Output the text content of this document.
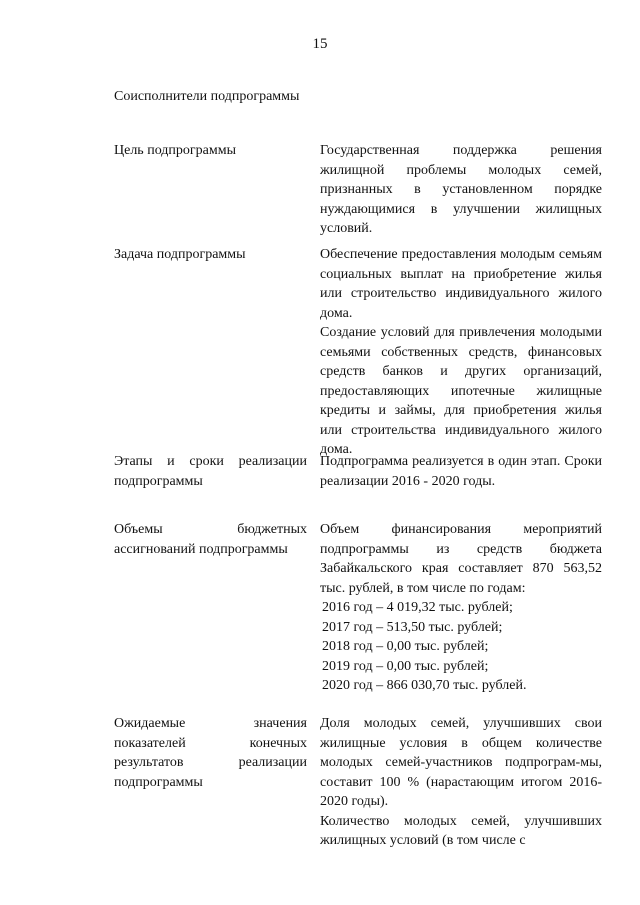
15
Соисполнители подпрограммы
Цель подпрограммы	Государственная поддержка решения жилищной проблемы молодых семей, признанных в установленном порядке нуждающимися в улучшении жилищных условий.

Задача подпрограммы	Обеспечение предоставления молодым семьям социальных выплат на приобретение жилья или строительство индивидуального жилого дома.

Создание условий для привлечения молодыми семьями собственных средств, финансовых средств банков и других организаций, предоставляющих ипотечные жилищные кредиты и займы, для приобретения жилья или строительства индивидуального жилого дома.

Этапы и сроки реализации подпрограммы

Подпрограмма реализуется в один этап. Сроки реализации 2016 - 2020 годы.

Объемы бюджетных ассигнований подпрограммы

Объем финансирования мероприятий подпрограммы из средств бюджета Забайкальского края составляет 870 563,52 тыс. рублей, в том числе по годам:

2016 год – 4 019,32 тыс. рублей;
2017 год – 513,50 тыс. рублей;
2018 год – 0,00 тыс. рублей;
2019 год – 0,00 тыс. рублей;
2020 год – 866 030,70 тыс. рублей.
Ожидаемые значения показателей конечных результатов реализации подпрограммы

Доля молодых семей, улучшивших свои жилищные условия в общем количестве молодых семей-участников подпрограм-мы, составит 100 % (нарастающим итогом 2016-2020 годы).

Количество молодых семей, улучшивших жилищных условий (в том числе с
